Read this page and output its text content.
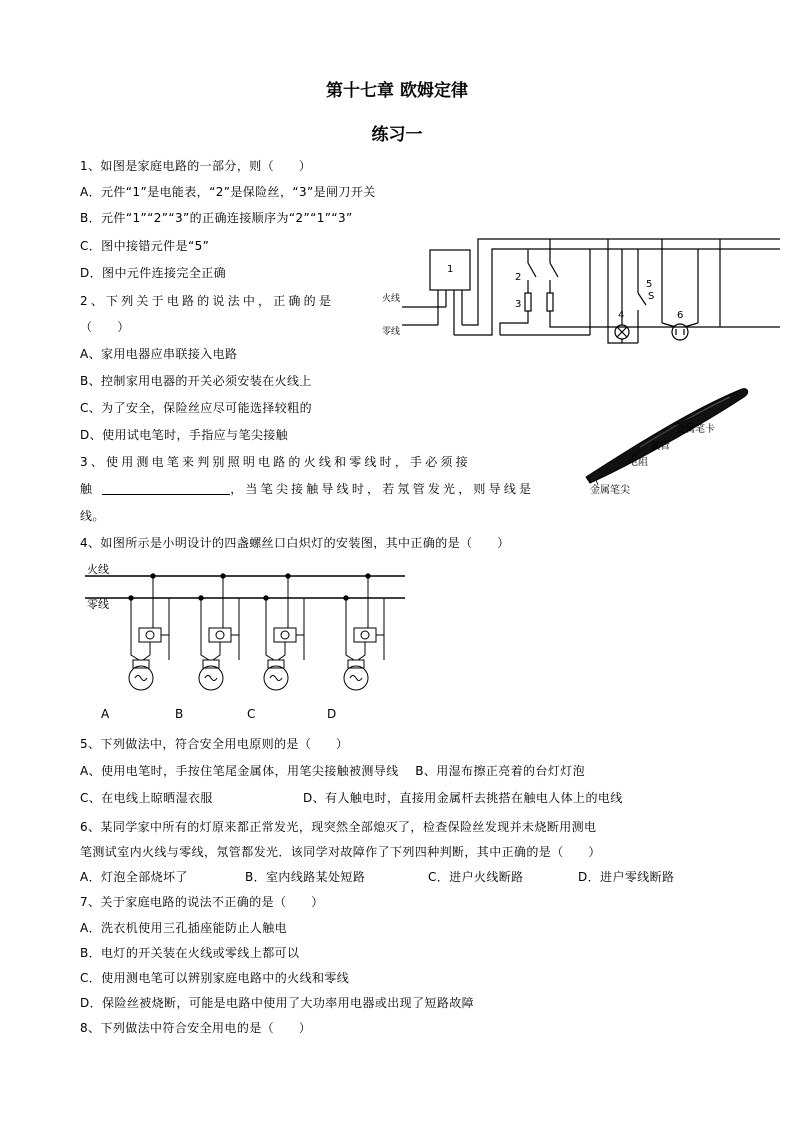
第十七章 欧姆定律
练习一
1、如图是家庭电路的一部分，则（　　）
A．元件“1”是电能表，“2”是保险丝，“3”是闸刀开关
B．元件“1”“2”“3”的正确连接顺序为“2”“1”“3”
C．图中接错元件是“5”
D．图中元件连接完全正确
2、下列关于电路的说法中，正确的是
（　　）
A、家用电器应串联接入电路
B、控制家用电器的开关必须安装在火线上
C、为了安全，保险丝应尽可能选择较粗的
D、使用试电笔时，手指应与笔尖接触
3、使用测电笔来判别照明电路的火线和零线时，手必须接
触	，当笔尖接触导线时，若氖管发光，则导线是
线。
4、如图所示是小明设计的四盏螺丝口白炽灯的安装图，其中正确的是（　　）
5、下列做法中，符合安全用电原则的是（　　）
A、使用电笔时，手按住笔尾金属体，用笔尖接触被测导线　 B、用湿布擦正亮着的台灯灯泡
C、在电线上晾晒湿衣服	D、有人触电时，直接用金属杆去挑搭在触电人体上的电线
6、某同学家中所有的灯原来都正常发光，现突然全部熄灭了，检查保险丝发现并未烧断用测电
笔测试室内火线与零线，氖管都发光．该同学对故障作了下列四种判断，其中正确的是（　　）
A．灯泡全部烧坏了	B．室内线路某处短路	C．进户火线断路	D．进户零线断路
7、关于家庭电路的说法不正确的是（　　）
A．洗衣机使用三孔插座能防止人触电
B．电灯的开关装在火线或零线上都可以
C．使用测电笔可以辨别家庭电路中的火线和零线
D．保险丝被烧断，可能是电路中使用了大功率用电器或出现了短路故障
8、下列做法中符合安全用电的是（　　）
1
2
3
4
5
S
6
火线
零线
金属笔卡
氖管
电阻
金属笔尖
火线
零线
A	B	C	D
